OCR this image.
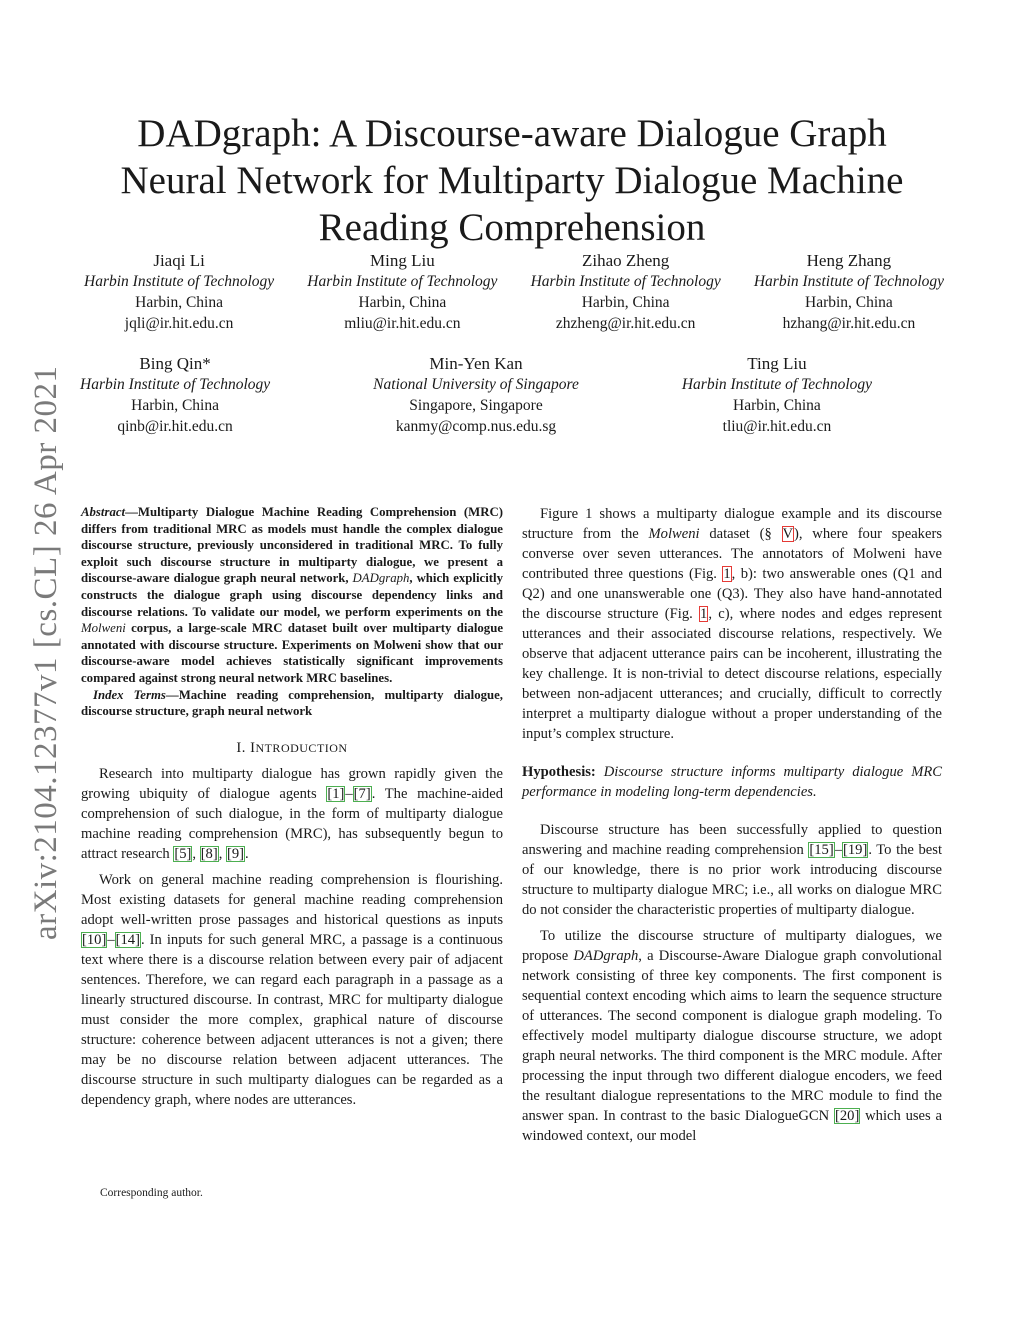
arXiv:2104.12377v1 [cs.CL] 26 Apr 2021
DADgraph: A Discourse-aware Dialogue Graph Neural Network for Multiparty Dialogue Machine Reading Comprehension
Jiaqi Li
Harbin Institute of Technology
Harbin, China
jqli@ir.hit.edu.cn
Ming Liu
Harbin Institute of Technology
Harbin, China
mliu@ir.hit.edu.cn
Zihao Zheng
Harbin Institute of Technology
Harbin, China
zhzheng@ir.hit.edu.cn
Heng Zhang
Harbin Institute of Technology
Harbin, China
hzhang@ir.hit.edu.cn
Bing Qin*
Harbin Institute of Technology
Harbin, China
qinb@ir.hit.edu.cn
Min-Yen Kan
National University of Singapore
Singapore, Singapore
kanmy@comp.nus.edu.sg
Ting Liu
Harbin Institute of Technology
Harbin, China
tliu@ir.hit.edu.cn
Abstract—Multiparty Dialogue Machine Reading Comprehension (MRC) differs from traditional MRC as models must handle the complex dialogue discourse structure, previously unconsidered in traditional MRC. To fully exploit such discourse structure in multiparty dialogue, we present a discourse-aware dialogue graph neural network, DADgraph, which explicitly constructs the dialogue graph using discourse dependency links and discourse relations. To validate our model, we perform experiments on the Molweni corpus, a large-scale MRC dataset built over multiparty dialogue annotated with discourse structure. Experiments on Molweni show that our discourse-aware model achieves statistically significant improvements compared against strong neural network MRC baselines.
Index Terms—Machine reading comprehension, multiparty dialogue, discourse structure, graph neural network
I. INTRODUCTION

Research into multiparty dialogue has grown rapidly given the growing ubiquity of dialogue agents [1]–[7]. The machine-aided comprehension of such dialogue, in the form of multiparty dialogue machine reading comprehension (MRC), has subsequently begun to attract research [5], [8], [9].

Work on general machine reading comprehension is flourishing. Most existing datasets for general machine reading comprehension adopt well-written prose passages and historical questions as inputs [10]–[14]. In inputs for such general MRC, a passage is a continuous text where there is a discourse relation between every pair of adjacent sentences. Therefore, we can regard each paragraph in a passage as a linearly structured discourse. In contrast, MRC for multiparty dialogue must consider the more complex, graphical nature of discourse structure: coherence between adjacent utterances is not a given; there may be no discourse relation between adjacent utterances. The discourse structure in such multiparty dialogues can be regarded as a dependency graph, where nodes are utterances.

Corresponding author.

Figure 1 shows a multiparty dialogue example and its discourse structure from the Molweni dataset (§ V), where four speakers converse over seven utterances. The annotators of Molweni have contributed three questions (Fig. 1, b): two answerable ones (Q1 and Q2) and one unanswerable one (Q3). They also have hand-annotated the discourse structure (Fig. 1, c), where nodes and edges represent utterances and their associated discourse relations, respectively. We observe that adjacent utterance pairs can be incoherent, illustrating the key challenge. It is non-trivial to detect discourse relations, especially between non-adjacent utterances; and crucially, difficult to correctly interpret a multiparty dialogue without a proper understanding of the input’s complex structure.

Hypothesis: Discourse structure informs multiparty dialogue MRC performance in modeling long-term dependencies.

Discourse structure has been successfully applied to question answering and machine reading comprehension [15]–[19]. To the best of our knowledge, there is no prior work introducing discourse structure to multiparty dialogue MRC; i.e., all works on dialogue MRC do not consider the characteristic properties of multiparty dialogue.

To utilize the discourse structure of multiparty dialogues, we propose DADgraph, a Discourse-Aware Dialogue graph convolutional network consisting of three key components. The first component is sequential context encoding which aims to learn the sequence structure of utterances. The second component is dialogue graph modeling. To effectively model multiparty dialogue discourse structure, we adopt graph neural networks. The third component is the MRC module. After processing the input through two different dialogue encoders, we feed the resultant dialogue representations to the MRC module to find the answer span. In contrast to the basic DialogueGCN [20] which uses a windowed context, our model
